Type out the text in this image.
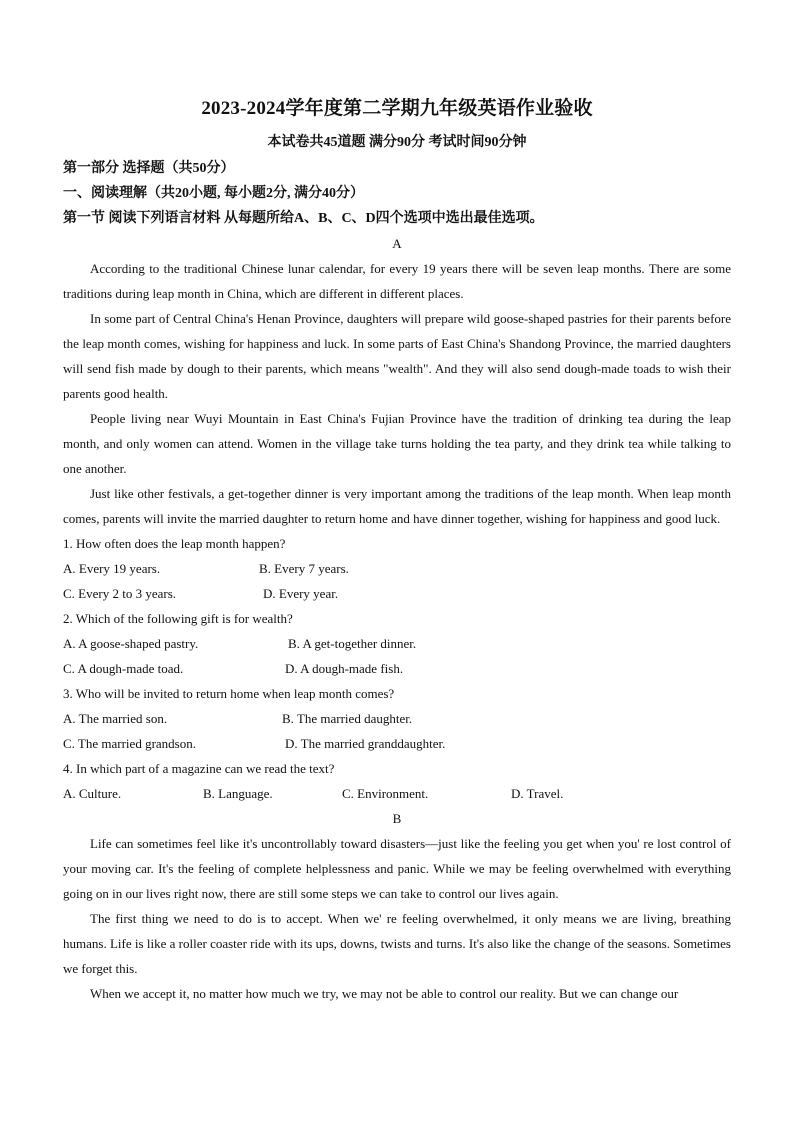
2023-2024学年度第二学期九年级英语作业验收
本试卷共45道题 满分90分 考试时间90分钟
第一部分 选择题（共50分）
一、阅读理解（共20小题, 每小题2分, 满分40分）
第一节 阅读下列语言材料 从每题所给A、B、C、D四个选项中选出最佳选项。
A

According to the traditional Chinese lunar calendar, for every 19 years there will be seven leap months. There are some traditions during leap month in China, which are different in different places.

In some part of Central China's Henan Province, daughters will prepare wild goose-shaped pastries for their parents before the leap month comes, wishing for happiness and luck. In some parts of East China's Shandong Province, the married daughters will send fish made by dough to their parents, which means "wealth". And they will also send dough-made toads to wish their parents good health.

People living near Wuyi Mountain in East China's Fujian Province have the tradition of drinking tea during the leap month, and only women can attend. Women in the village take turns holding the tea party, and they drink tea while talking to one another.

Just like other festivals, a get-together dinner is very important among the traditions of the leap month. When leap month comes, parents will invite the married daughter to return home and have dinner together, wishing for happiness and good luck.

1. How often does the leap month happen?
A. Every 19 years.	B. Every 7 years.
C. Every 2 to 3 years.	D. Every year.
2. Which of the following gift is for wealth?
A. A goose-shaped pastry.	B. A get-together dinner.
C. A dough-made toad.	D. A dough-made fish.
3. Who will be invited to return home when leap month comes?
A. The married son.	B. The married daughter.
C. The married grandson.	D. The married granddaughter.
4. In which part of a magazine can we read the text?
A. Culture.	B. Language.	C. Environment.	D. Travel.
B

Life can sometimes feel like it's uncontrollably toward disasters—just like the feeling you get when you' re lost control of your moving car. It's the feeling of complete helplessness and panic. While we may be feeling overwhelmed with everything going on in our lives right now, there are still some steps we can take to control our lives again.

The first thing we need to do is to accept. When we' re feeling overwhelmed, it only means we are living, breathing humans. Life is like a roller coaster ride with its ups, downs, twists and turns. It's also like the change of the seasons. Sometimes we forget this.

When we accept it, no matter how much we try, we may not be able to control our reality. But we can change our
